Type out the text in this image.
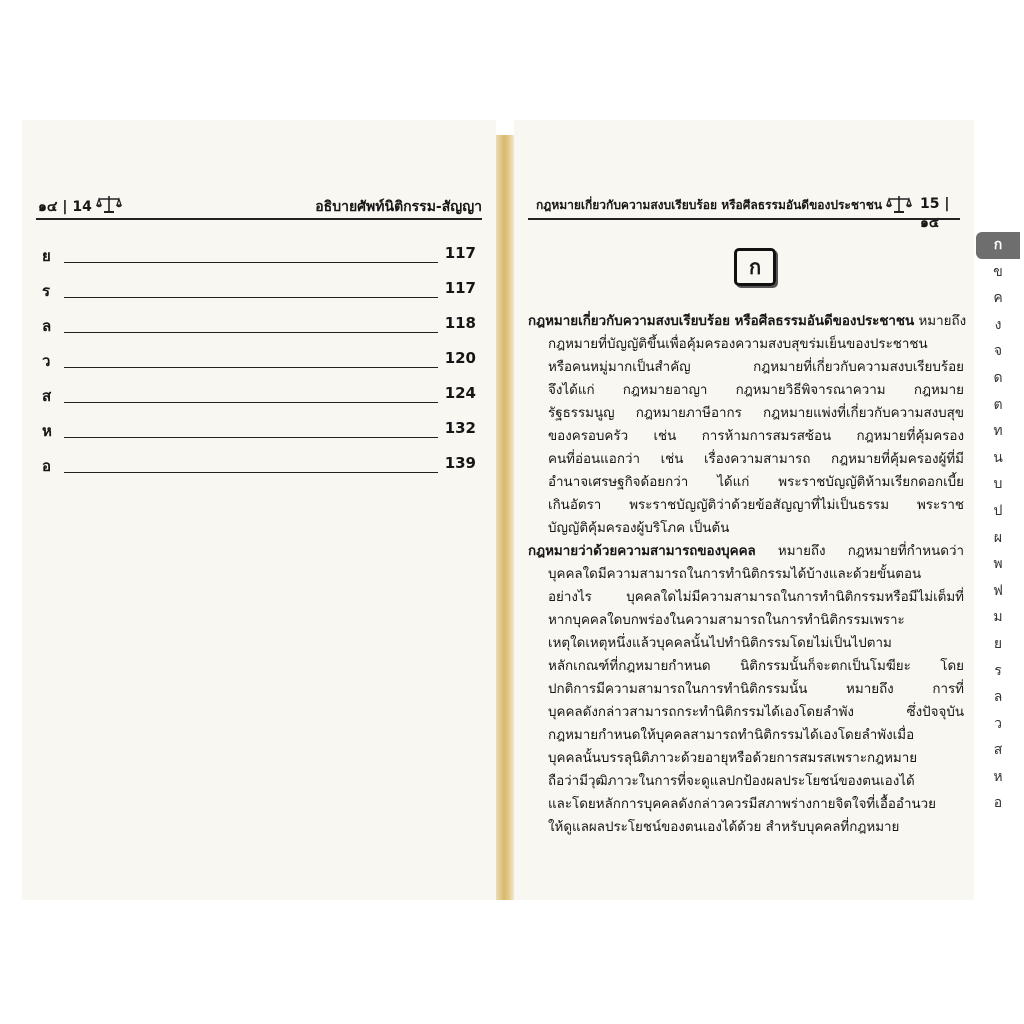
๑๔ | 14	อธิบายศัพท์นิติกรรม-สัญญา
ย	117
ร	117
ล	118
ว	120
ส	124
ห	132
อ	139
กฎหมายเกี่ยวกับความสงบเรียบร้อย หรือศีลธรรมอันดีของประชาชน	15 | ๑๕
ก

กฎหมายเกี่ยวกับความสงบเรียบร้อย หรือศีลธรรมอันดีของประชาชน หมายถึง
กฎหมายที่บัญญัติขึ้นเพื่อคุ้มครองความสงบสุขร่มเย็นของประชาชน
หรือคนหมู่มากเป็นสำคัญ กฎหมายที่เกี่ยวกับความสงบเรียบร้อย
จึงได้แก่ กฎหมายอาญา กฎหมายวิธีพิจารณาความ กฎหมาย
รัฐธรรมนูญ กฎหมายภาษีอากร กฎหมายแพ่งที่เกี่ยวกับความสงบสุข
ของครอบครัว เช่น การห้ามการสมรสซ้อน กฎหมายที่คุ้มครอง
คนที่อ่อนแอกว่า เช่น เรื่องความสามารถ กฎหมายที่คุ้มครองผู้ที่มี
อำนาจเศรษฐกิจด้อยกว่า ได้แก่ พระราชบัญญัติห้ามเรียกดอกเบี้ย
เกินอัตรา พระราชบัญญัติว่าด้วยข้อสัญญาที่ไม่เป็นธรรม พระราช
บัญญัติคุ้มครองผู้บริโภค เป็นต้น

กฎหมายว่าด้วยความสามารถของบุคคล หมายถึง กฎหมายที่กำหนดว่า
บุคคลใดมีความสามารถในการทำนิติกรรมได้บ้างและด้วยขั้นตอน
อย่างไร บุคคลใดไม่มีความสามารถในการทำนิติกรรมหรือมีไม่เต็มที่
หากบุคคลใดบกพร่องในความสามารถในการทำนิติกรรมเพราะ
เหตุใดเหตุหนึ่งแล้วบุคคลนั้นไปทำนิติกรรมโดยไม่เป็นไปตาม
หลักเกณฑ์ที่กฎหมายกำหนด นิติกรรมนั้นก็จะตกเป็นโมฆียะ โดย
ปกติการมีความสามารถในการทำนิติกรรมนั้น หมายถึง การที่
บุคคลดังกล่าวสามารถกระทำนิติกรรมได้เองโดยลำพัง ซึ่งปัจจุบัน
กฎหมายกำหนดให้บุคคลสามารถทำนิติกรรมได้เองโดยลำพังเมื่อ
บุคคลนั้นบรรลุนิติภาวะด้วยอายุหรือด้วยการสมรสเพราะกฎหมาย
ถือว่ามีวุฒิภาวะในการที่จะดูแลปกป้องผลประโยชน์ของตนเองได้
และโดยหลักการบุคคลดังกล่าวควรมีสภาพร่างกายจิตใจที่เอื้ออำนวย
ให้ดูแลผลประโยชน์ของตนเองได้ด้วย สำหรับบุคคลที่กฎหมาย

ก
ข
ค
ง
จ
ด
ต
ท
น
บ
ป
ผ
พ
ฟ
ม
ย
ร
ล
ว
ส
ห
อ
